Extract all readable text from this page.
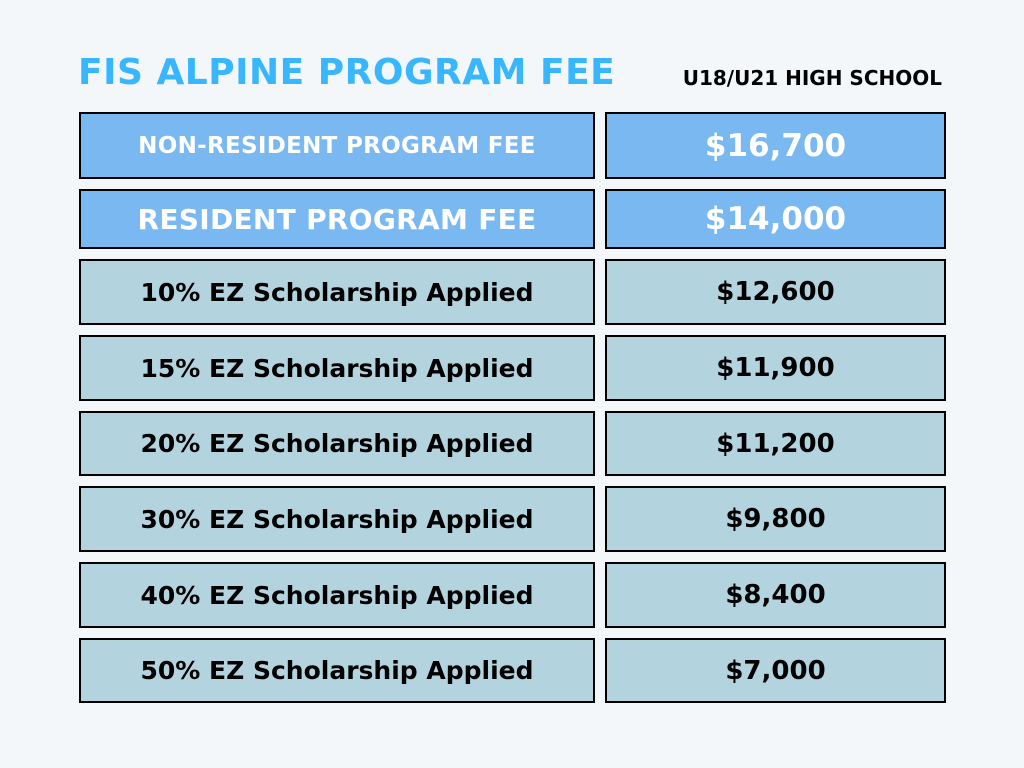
FIS ALPINE PROGRAM FEE	U18/U21 HIGH SCHOOL
NON-RESIDENT PROGRAM FEE	$16,700
RESIDENT PROGRAM FEE	$14,000
10% EZ Scholarship Applied	$12,600
15% EZ Scholarship Applied	$11,900
20% EZ Scholarship Applied	$11,200
30% EZ Scholarship Applied	$9,800
40% EZ Scholarship Applied	$8,400
50% EZ Scholarship Applied	$7,000
